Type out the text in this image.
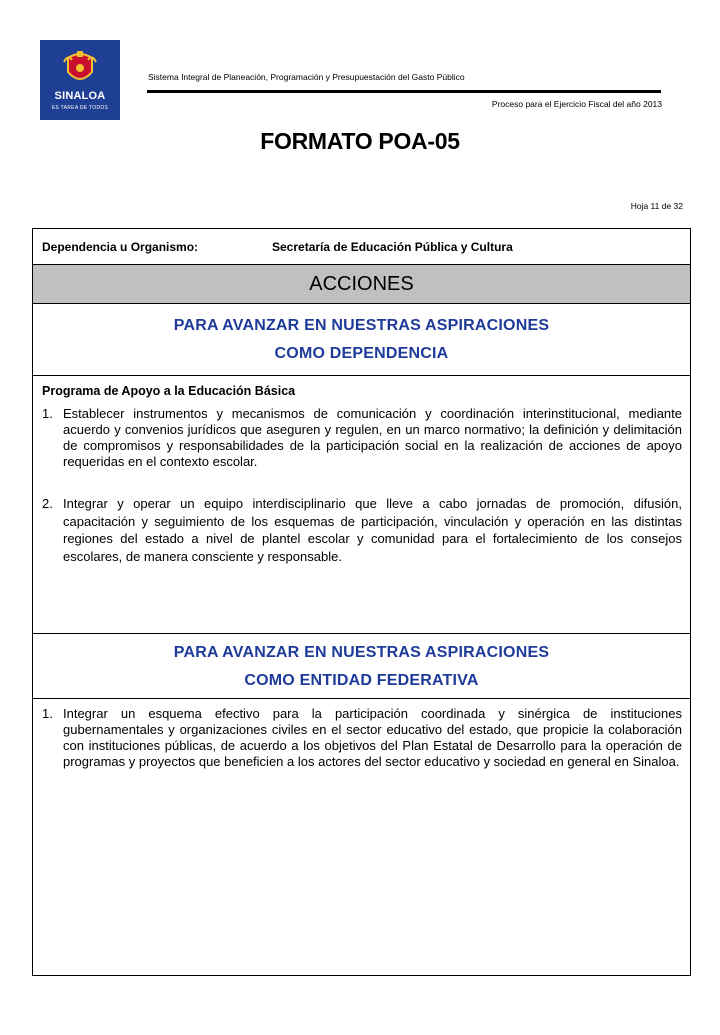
SINALOA
ES TAREA DE TODOS
Sistema Integral de Planeación, Programación y Presupuestación del Gasto Público
Proceso para el Ejercicio Fiscal del año 2013
FORMATO POA-05
Hoja 11 de 32
Dependencia u Organismo:	Secretaría de Educación Pública y Cultura
ACCIONES
PARA AVANZAR EN NUESTRAS ASPIRACIONES
COMO DEPENDENCIA
Programa de Apoyo a la Educación Básica
1. Establecer instrumentos y mecanismos de comunicación y coordinación interinstitucional, mediante acuerdo y convenios jurídicos que aseguren y regulen, en un marco normativo; la definición y delimitación de compromisos y responsabilidades de la participación social en la realización de acciones de apoyo requeridas en el contexto escolar.
2. Integrar y operar un equipo interdisciplinario que lleve a cabo jornadas de promoción, difusión, capacitación y seguimiento de los esquemas de participación, vinculación y operación en las distintas regiones del estado a nivel de plantel escolar y comunidad para el fortalecimiento de los consejos escolares, de manera consciente y responsable.
PARA AVANZAR EN NUESTRAS ASPIRACIONES
COMO ENTIDAD FEDERATIVA
1. Integrar un esquema efectivo para la participación coordinada y sinérgica de instituciones gubernamentales y organizaciones civiles en el sector educativo del estado, que propicie la colaboración con instituciones públicas, de acuerdo a los objetivos del Plan Estatal de Desarrollo para la operación de programas y proyectos que beneficien a los actores del sector educativo y sociedad en general en Sinaloa.
